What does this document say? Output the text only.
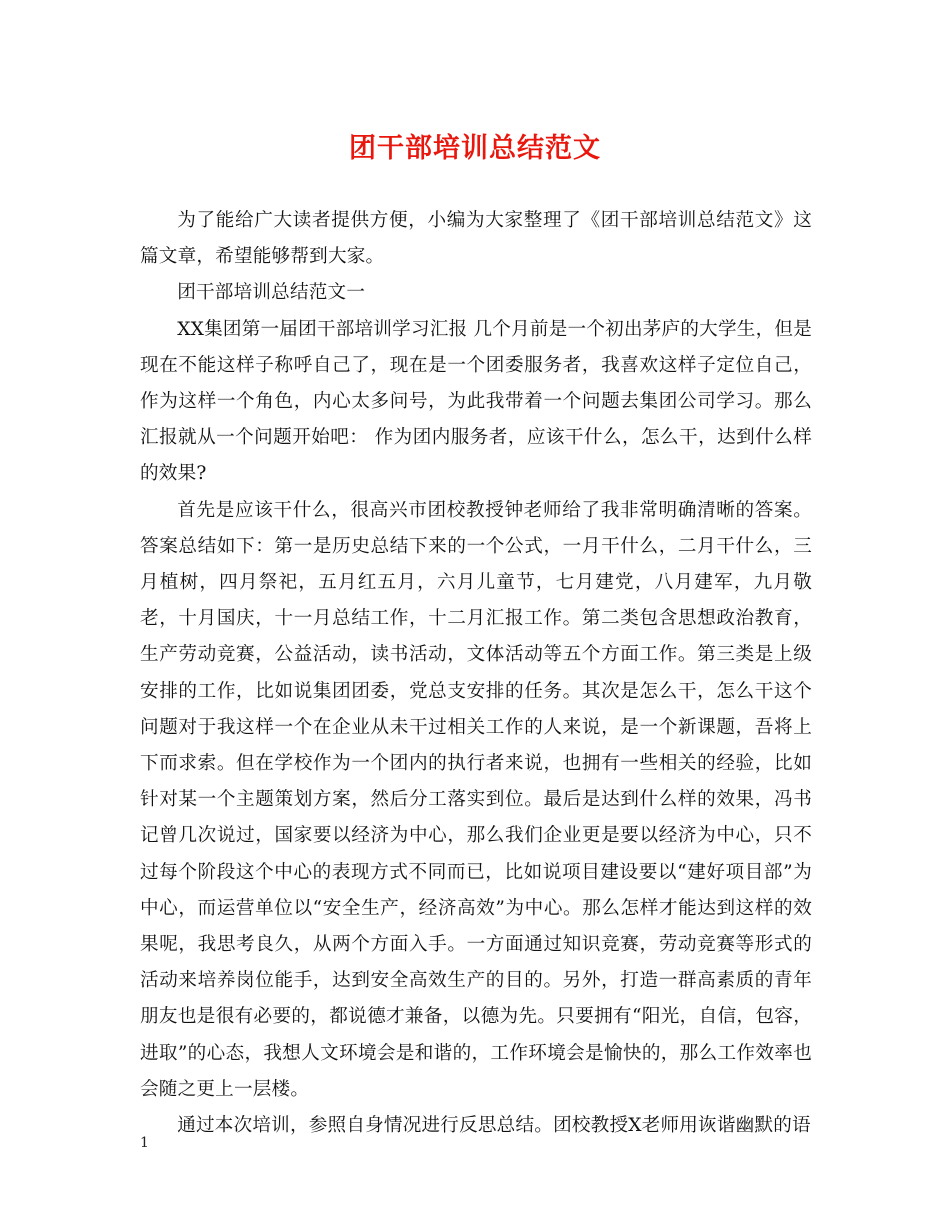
团干部培训总结范文

为了能给广大读者提供方便，小编为大家整理了《团干部培训总结范文》这篇文章，希望能够帮到大家。

团干部培训总结范文一

XX集团第一届团干部培训学习汇报 几个月前是一个初出茅庐的大学生，但是现在不能这样子称呼自己了，现在是一个团委服务者，我喜欢这样子定位自己，作为这样一个角色，内心太多问号，为此我带着一个问题去集团公司学习。那么汇报就从一个问题开始吧： 作为团内服务者，应该干什么，怎么干，达到什么样的效果?

首先是应该干什么，很高兴市团校教授钟老师给了我非常明确清晰的答案。答案总结如下：第一是历史总结下来的一个公式，一月干什么，二月干什么，三月植树，四月祭祀，五月红五月，六月儿童节，七月建党，八月建军，九月敬老，十月国庆，十一月总结工作，十二月汇报工作。第二类包含思想政治教育，生产劳动竞赛，公益活动，读书活动，文体活动等五个方面工作。第三类是上级安排的工作，比如说集团团委，党总支安排的任务。其次是怎么干，怎么干这个问题对于我这样一个在企业从未干过相关工作的人来说，是一个新课题，吾将上下而求索。但在学校作为一个团内的执行者来说，也拥有一些相关的经验，比如针对某一个主题策划方案，然后分工落实到位。最后是达到什么样的效果，冯书记曾几次说过，国家要以经济为中心，那么我们企业更是要以经济为中心，只不过每个阶段这个中心的表现方式不同而已，比如说项目建设要以“建好项目部”为中心，而运营单位以“安全生产，经济高效”为中心。那么怎样才能达到这样的效果呢，我思考良久，从两个方面入手。一方面通过知识竞赛，劳动竞赛等形式的活动来培养岗位能手，达到安全高效生产的目的。另外，打造一群高素质的青年朋友也是很有必要的，都说德才兼备，以德为先。只要拥有“阳光，自信，包容，进取”的心态，我想人文环境会是和谐的，工作环境会是愉快的，那么工作效率也会随之更上一层楼。

通过本次培训，参照自身情况进行反思总结。团校教授X老师用诙谐幽默的语

1
